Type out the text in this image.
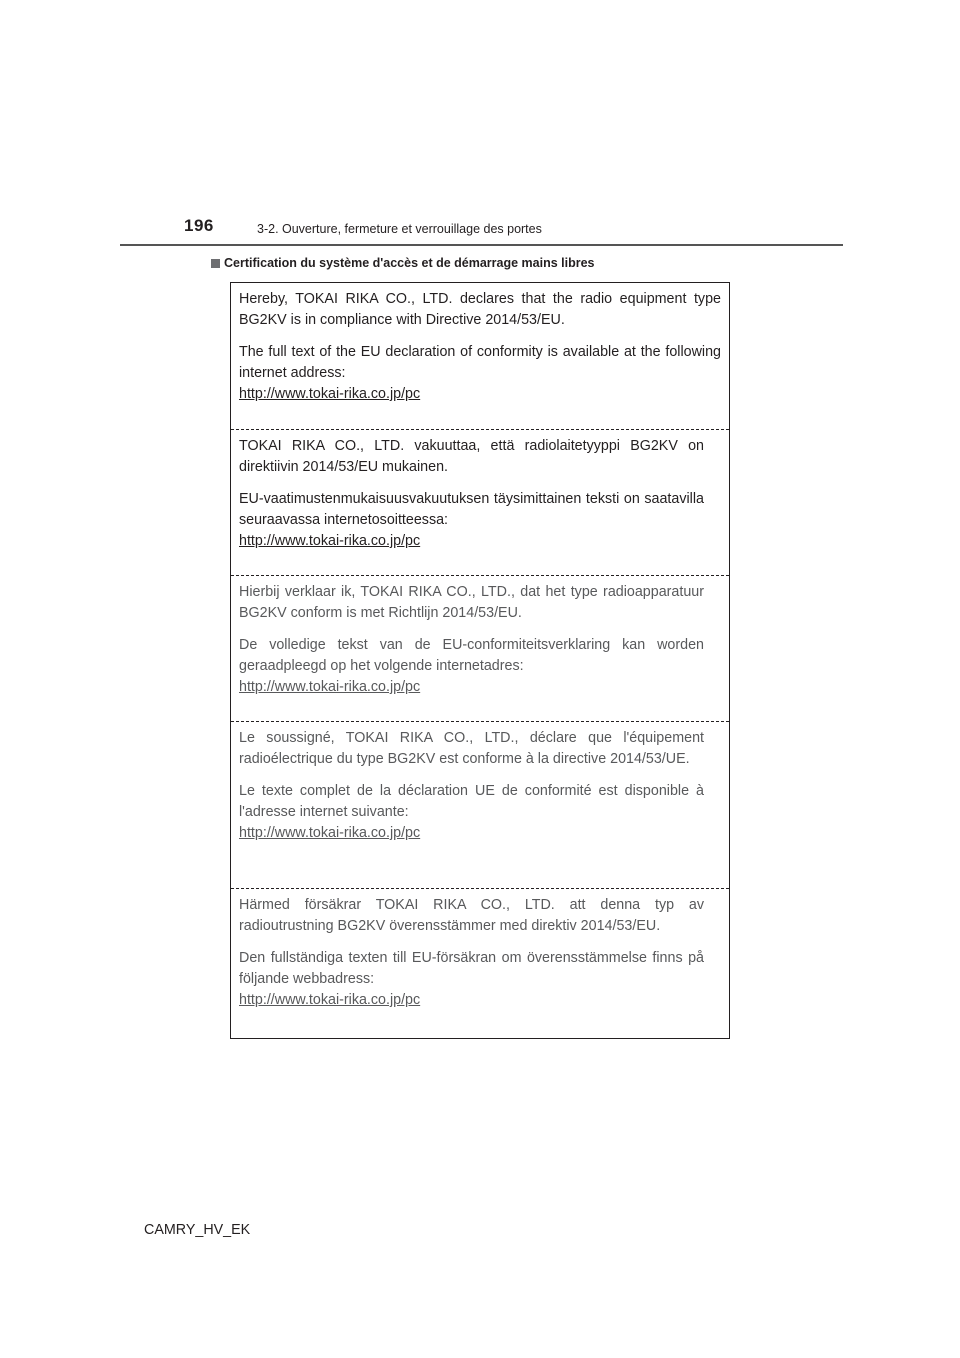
196	3-2. Ouverture, fermeture et verrouillage des portes
Certification du système d'accès et de démarrage mains libres

Hereby, TOKAI RIKA CO., LTD. declares that the radio equipment type BG2KV is in compliance with Directive 2014/53/EU.

The full text of the EU declaration of conformity is available at the following internet address:

http://www.tokai-rika.co.jp/pc

TOKAI RIKA CO., LTD. vakuuttaa, että radiolaitetyyppi BG2KV on direktiivin 2014/53/EU mukainen.

EU-vaatimustenmukaisuusvakuutuksen täysimittainen teksti on saatavilla seuraavassa internetosoitteessa:

http://www.tokai-rika.co.jp/pc

Hierbij verklaar ik, TOKAI RIKA CO., LTD., dat het type radioapparatuur BG2KV conform is met Richtlijn 2014/53/EU.

De volledige tekst van de EU-conformiteitsverklaring kan worden geraadpleegd op het volgende internetadres:

http://www.tokai-rika.co.jp/pc

Le soussigné, TOKAI RIKA CO., LTD., déclare que l'équipement radioélectrique du type BG2KV est conforme à la directive 2014/53/UE.

Le texte complet de la déclaration UE de conformité est disponible à l'adresse internet suivante:

http://www.tokai-rika.co.jp/pc

Härmed försäkrar TOKAI RIKA CO., LTD. att denna typ av radioutrustning BG2KV överensstämmer med direktiv 2014/53/EU.

Den fullständiga texten till EU-försäkran om överensstämmelse finns på följande webbadress:

http://www.tokai-rika.co.jp/pc

CAMRY_HV_EK
